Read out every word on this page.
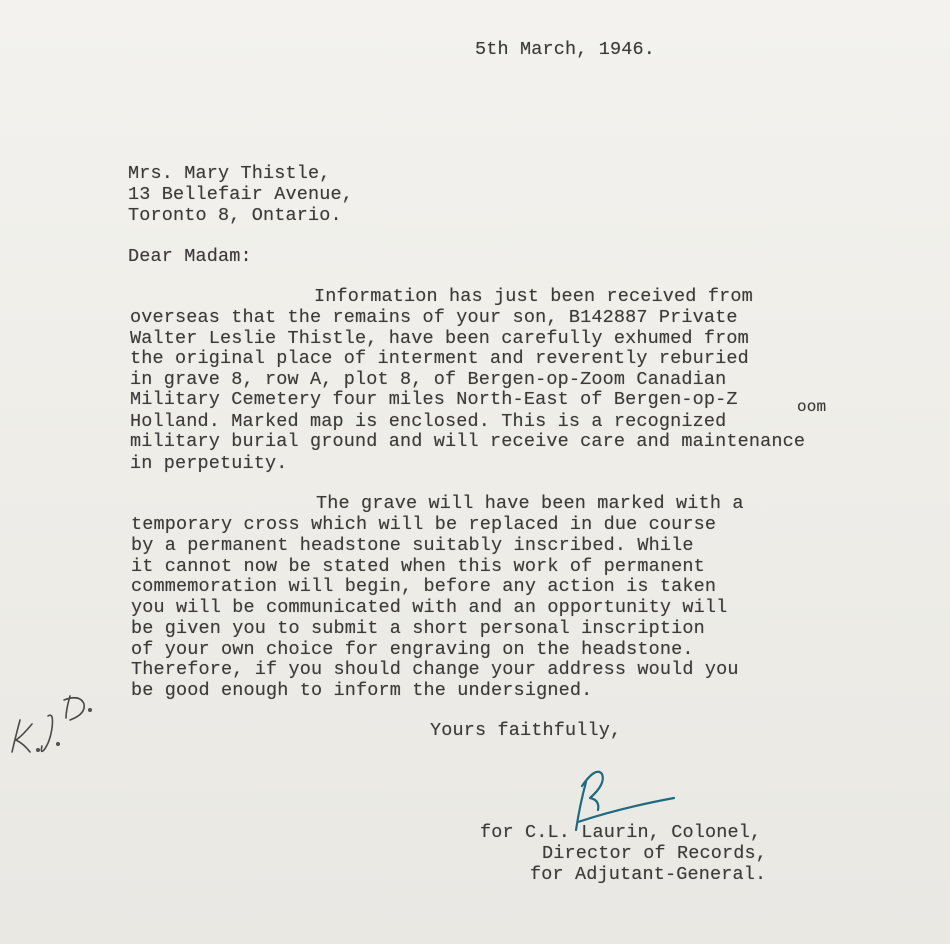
5th March, 1946.
Mrs. Mary Thistle,
13 Bellefair Avenue,
Toronto 8, Ontario.
Dear Madam:
Information has just been received from
overseas that the remains of your son, B142887 Private
Walter Leslie Thistle, have been carefully exhumed from
the original place of interment and reverently reburied
in grave 8, row A, plot 8, of Bergen-op-Zoom Canadian
Military Cemetery four miles North-East of Bergen-op-Z	oom
Holland. Marked map is enclosed. This is a recognized
military burial ground and will receive care and maintenance
in perpetuity.
The grave will have been marked with a
temporary cross which will be replaced in due course
by a permanent headstone suitably inscribed. While
it cannot now be stated when this work of permanent
commemoration will begin, before any action is taken
you will be communicated with and an opportunity will
be given you to submit a short personal inscription
of your own choice for engraving on the headstone.
Therefore, if you should change your address would you
be good enough to inform the undersigned.
Yours faithfully,
for C.L. Laurin, Colonel,
Director of Records,
for Adjutant-General.
